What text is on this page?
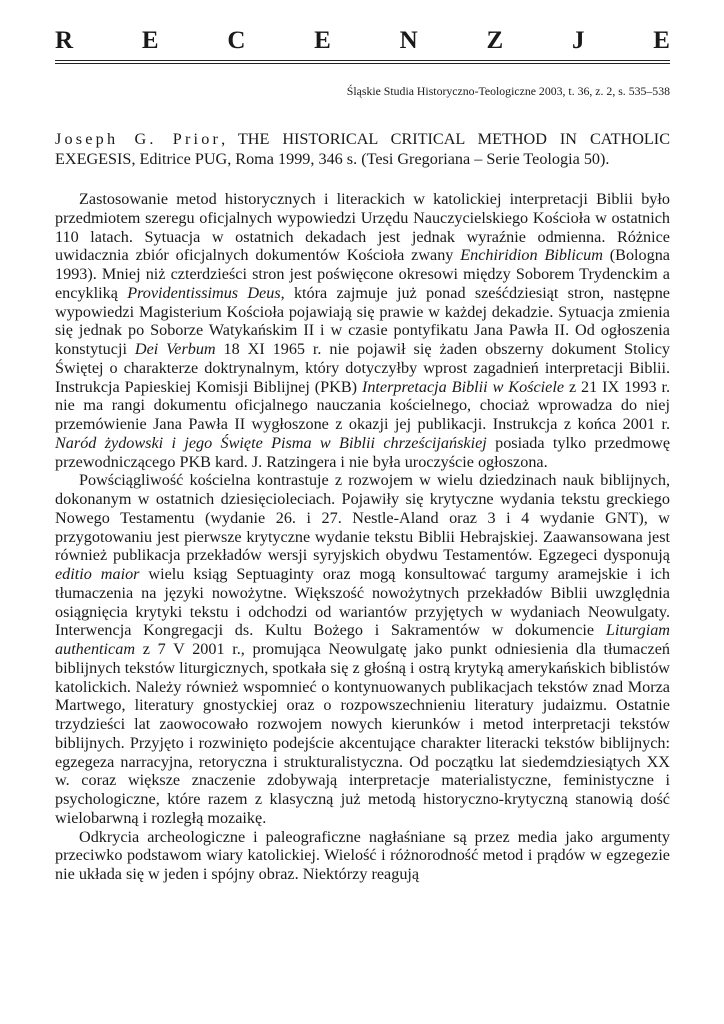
R	E	C	E	N	Z	J	E
Śląskie Studia Historyczno-Teologiczne 2003, t. 36, z. 2, s. 535–538
Joseph G. Prior, THE HISTORICAL CRITICAL METHOD IN CATHOLIC EXEGESIS, Editrice PUG, Roma 1999, 346 s. (Tesi Gregoriana – Serie Teologia 50).

Zastosowanie metod historycznych i literackich w katolickiej interpretacji Biblii było przedmiotem szeregu oficjalnych wypowiedzi Urzędu Nauczycielskiego Kościoła w ostatnich 110 latach. Sytuacja w ostatnich dekadach jest jednak wyraźnie odmienna. Różnice uwidacznia zbiór oficjalnych dokumentów Kościoła zwany Enchiridion Biblicum (Bologna 1993). Mniej niż czterdzieści stron jest poświęcone okresowi między Soborem Trydenckim a encykliką Providentissimus Deus, która zajmuje już ponad sześćdziesiąt stron, następne wypowiedzi Magisterium Kościoła pojawiają się prawie w każdej dekadzie. Sytuacja zmienia się jednak po Soborze Watykańskim II i w czasie pontyfikatu Jana Pawła II. Od ogłoszenia konstytucji Dei Verbum 18 XI 1965 r. nie pojawił się żaden obszerny dokument Stolicy Świętej o charakterze doktrynalnym, który dotyczyłby wprost zagadnień interpretacji Biblii. Instrukcja Papieskiej Komisji Biblijnej (PKB) Interpretacja Biblii w Kościele z 21 IX 1993 r. nie ma rangi dokumentu oficjalnego nauczania kościelnego, chociaż wprowadza do niej przemówienie Jana Pawła II wygłoszone z okazji jej publikacji. Instrukcja z końca 2001 r. Naród żydowski i jego Święte Pisma w Biblii chrześcijańskiej posiada tylko przedmowę przewodniczącego PKB kard. J. Ratzingera i nie była uroczyście ogłoszona.

Powściągliwość kościelna kontrastuje z rozwojem w wielu dziedzinach nauk biblijnych, dokonanym w ostatnich dziesięcioleciach. Pojawiły się krytyczne wydania tekstu greckiego Nowego Testamentu (wydanie 26. i 27. Nestle-Aland oraz 3 i 4 wydanie GNT), w przygotowaniu jest pierwsze krytyczne wydanie tekstu Biblii Hebrajskiej. Zaawansowana jest również publikacja przekładów wersji syryjskich obydwu Testamentów. Egzegeci dysponują editio maior wielu ksiąg Septuaginty oraz mogą konsultować targumy aramejskie i ich tłumaczenia na języki nowożytne. Większość nowożytnych przekładów Biblii uwzględnia osiągnięcia krytyki tekstu i odchodzi od wariantów przyjętych w wydaniach Neowulgaty. Interwencja Kongregacji ds. Kultu Bożego i Sakramentów w dokumencie Liturgiam authenticam z 7 V 2001 r., promująca Neowulgatę jako punkt odniesienia dla tłumaczeń biblijnych tekstów liturgicznych, spotkała się z głośną i ostrą krytyką amerykańskich biblistów katolickich. Należy również wspomnieć o kontynuowanych publikacjach tekstów znad Morza Martwego, literatury gnostyckiej oraz o rozpowszechnieniu literatury judaizmu. Ostatnie trzydzieści lat zaowocowało rozwojem nowych kierunków i metod interpretacji tekstów biblijnych. Przyjęto i rozwinięto podejście akcentujące charakter literacki tekstów biblijnych: egzegeza narracyjna, retoryczna i strukturalistyczna. Od początku lat siedemdziesiątych XX w. coraz większe znaczenie zdobywają interpretacje materialistyczne, feministyczne i psychologiczne, które razem z klasyczną już metodą historyczno-krytyczną stanowią dość wielobarwną i rozległą mozaikę.

Odkrycia archeologiczne i paleograficzne nagłaśniane są przez media jako argumenty przeciwko podstawom wiary katolickiej. Wielość i różnorodność metod i prądów w egzegezie nie układa się w jeden i spójny obraz. Niektórzy reagują
